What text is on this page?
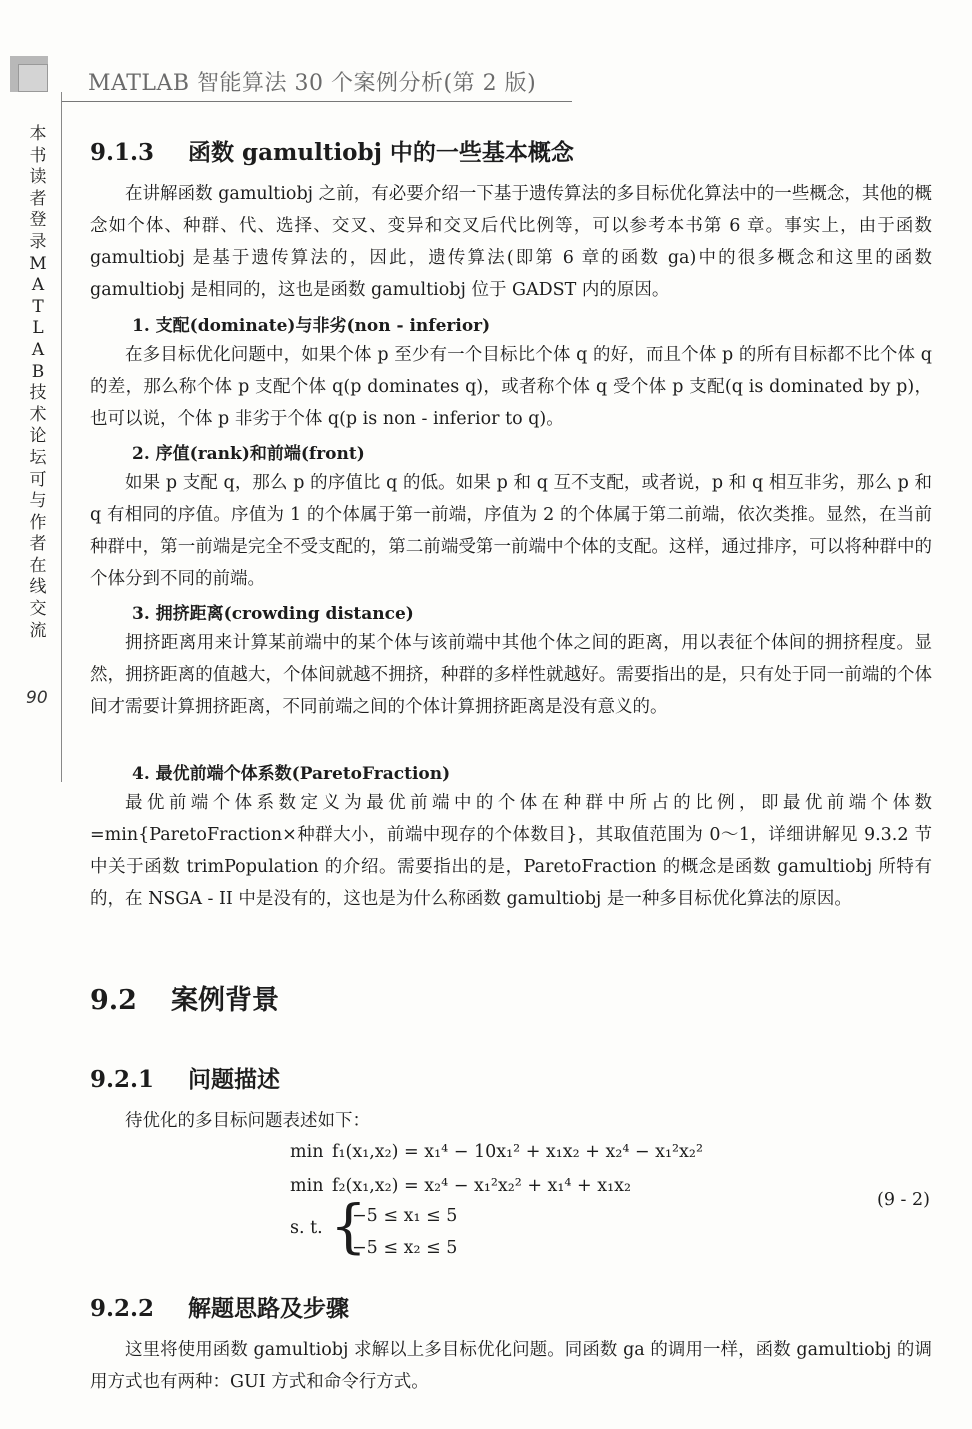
MATLAB 智能算法 30 个案例分析(第 2 版)
本书读者登录MATLAB技术论坛可与作者在线交流
90
9.1.3 函数 gamultiobj 中的一些基本概念

在讲解函数 gamultiobj 之前，有必要介绍一下基于遗传算法的多目标优化算法中的一些概念，其他的概念如个体、种群、代、选择、交叉、变异和交叉后代比例等，可以参考本书第 6 章。事实上，由于函数 gamultiobj 是基于遗传算法的，因此，遗传算法(即第 6 章的函数 ga)中的很多概念和这里的函数 gamultiobj 是相同的，这也是函数 gamultiobj 位于 GADST 内的原因。

1. 支配(dominate)与非劣(non - inferior)

在多目标优化问题中，如果个体 p 至少有一个目标比个体 q 的好，而且个体 p 的所有目标都不比个体 q 的差，那么称个体 p 支配个体 q(p dominates q)，或者称个体 q 受个体 p 支配(q is dominated by p)，也可以说，个体 p 非劣于个体 q(p is non - inferior to q)。

2. 序值(rank)和前端(front)

如果 p 支配 q，那么 p 的序值比 q 的低。如果 p 和 q 互不支配，或者说，p 和 q 相互非劣，那么 p 和 q 有相同的序值。序值为 1 的个体属于第一前端，序值为 2 的个体属于第二前端，依次类推。显然，在当前种群中，第一前端是完全不受支配的，第二前端受第一前端中个体的支配。这样，通过排序，可以将种群中的个体分到不同的前端。

3. 拥挤距离(crowding distance)

拥挤距离用来计算某前端中的某个体与该前端中其他个体之间的距离，用以表征个体间的拥挤程度。显然，拥挤距离的值越大，个体间就越不拥挤，种群的多样性就越好。需要指出的是，只有处于同一前端的个体间才需要计算拥挤距离，不同前端之间的个体计算拥挤距离是没有意义的。

4. 最优前端个体系数(ParetoFraction)

最优前端个体系数定义为最优前端中的个体在种群中所占的比例，即最优前端个体数=min{ParetoFraction×种群大小，前端中现存的个体数目}，其取值范围为 0～1，详细讲解见 9.3.2 节中关于函数 trimPopulation 的介绍。需要指出的是，ParetoFraction 的概念是函数 gamultiobj 所特有的，在 NSGA - II 中是没有的，这也是为什么称函数 gamultiobj 是一种多目标优化算法的原因。

9.2 案例背景
9.2.1 问题描述

待优化的多目标问题表述如下：

min f₁(x₁,x₂) = x₁⁴ − 10x₁² + x₁x₂ + x₂⁴ − x₁²x₂²
min f₂(x₁,x₂) = x₂⁴ − x₁²x₂² + x₁⁴ + x₁x₂
s. t. {
−5 ≤ x₁ ≤ 5
−5 ≤ x₂ ≤ 5
(9 - 2)
9.2.2 解题思路及步骤

这里将使用函数 gamultiobj 求解以上多目标优化问题。同函数 ga 的调用一样，函数 gamultiobj 的调用方式也有两种：GUI 方式和命令行方式。
